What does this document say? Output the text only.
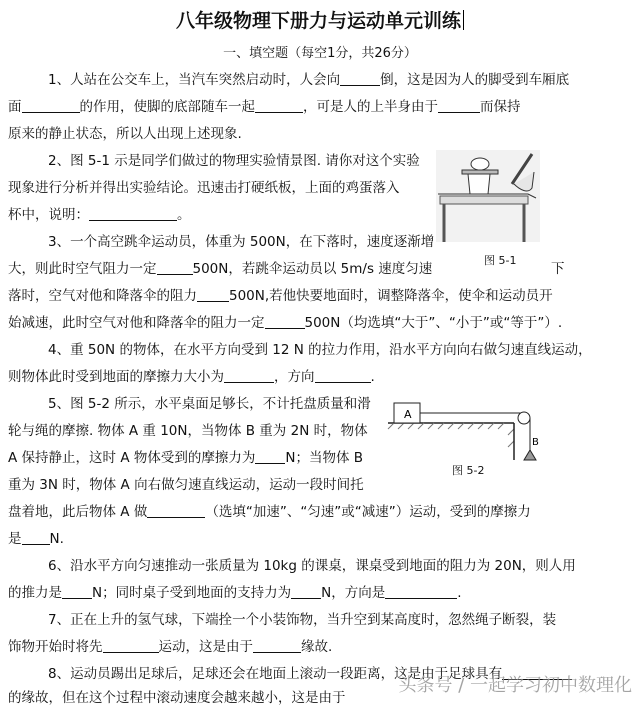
八年级物理下册力与运动单元训练
一、填空题（每空1分，共26分）
1、人站在公交车上，当汽车突然启动时，人会向	倒，这是因为人的脚受到车厢底
面	的作用，使脚的底部随车一起	，可是人的上半身由于	而保持
原来的静止状态，所以人出现上述现象.
2、图 5-1 示是同学们做过的物理实验情景图. 请你对这个实验
现象进行分析并得出实验结论。迅速击打硬纸板，上面的鸡蛋落入
杯中，说明：	。
图 5-1
3、一个高空跳伞运动员，体重为 500N，在下落时，速度逐渐增
大，则此时空气阻力一定	500N，若跳伞运动员以 5m/s 速度匀速	下
落时，空气对他和降落伞的阻力 500N,若他快要地面时，调整降落伞，使伞和运动员开
始减速，此时空气对他和降落伞的阻力一定	500N（均选填“大于”、“小于”或“等于”）.
4、重 50N 的物体，在水平方向受到 12 N 的拉力作用，沿水平方向向右做匀速直线运动，
则物体此时受到地面的摩擦力大小为	，方向	.
5、图 5-2 所示，水平桌面足够长，不计托盘质量和滑
轮与绳的摩擦. 物体 A 重 10N，当物体 B 重为 2N 时，物体
A 保持静止，这时 A 物体受到的摩擦力为 N；当物体 B
重为 3N 时，物体 A 向右做匀速直线运动，运动一段时间托
盘着地，此后物体 A 做	（选填“加速”、“匀速”或“减速”）运动，受到的摩擦力
是 N.
A
B
图 5-2
6、沿水平方向匀速推动一张质量为 10kg 的课桌，课桌受到地面的阻力为 20N，则人用
的推力是 N；同时桌子受到地面的支持力为 N，方向是	.
7、正在上升的氢气球，下端拴一个小装饰物，当升空到某高度时，忽然绳子断裂，装
饰物开始时将先	运动，这是由于	缘故.
8、运动员踢出足球后，足球还会在地面上滚动一段距离，这是由于足球具有
的缘故，但在这个过程中滚动速度会越来越小，这是由于
头条号 / 一起学习初中数理化
